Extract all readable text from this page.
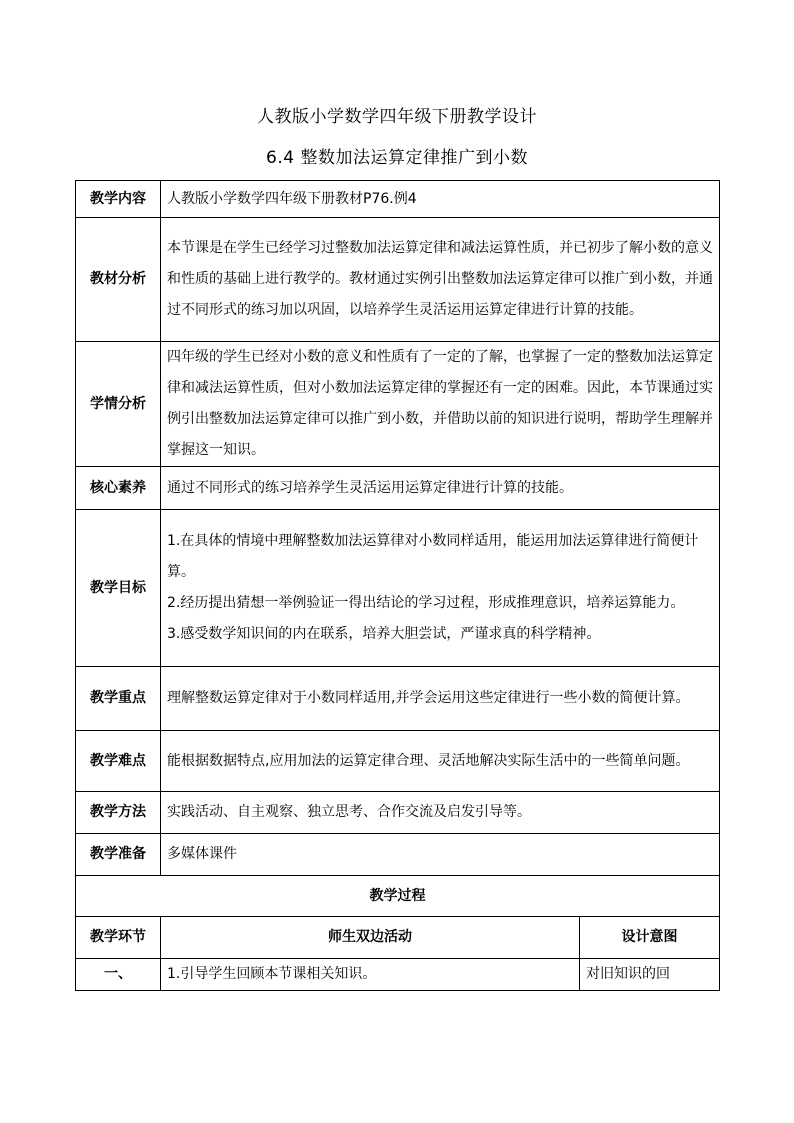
人教版小学数学四年级下册教学设计
6.4 整数加法运算定律推广到小数
教学内容	人教版小学数学四年级下册教材P76.例4	
教材分析	本节课是在学生已经学习过整数加法运算定律和减法运算性质，并已初步了解小数的意义和性质的基础上进行教学的。教材通过实例引出整数加法运算定律可以推广到小数，并通过不同形式的练习加以巩固，以培养学生灵活运用运算定律进行计算的技能。	
学情分析	四年级的学生已经对小数的意义和性质有了一定的了解，也掌握了一定的整数加法运算定律和减法运算性质，但对小数加法运算定律的掌握还有一定的困难。因此，本节课通过实例引出整数加法运算定律可以推广到小数，并借助以前的知识进行说明，帮助学生理解并掌握这一知识。	
核心素养	通过不同形式的练习培养学生灵活运用运算定律进行计算的技能。	
教学目标	1.在具体的情境中理解整数加法运算律对小数同样适用，能运用加法运算律进行简便计算。
2.经历提出猜想一举例验证一得出结论的学习过程，形成推理意识，培养运算能力。
3.感受数学知识间的内在联系，培养大胆尝试，严谨求真的科学精神。	

教学重点	理解整数运算定律对于小数同样适用,并学会运用这些定律进行一些小数的简便计算。	
教学难点	能根据数据特点,应用加法的运算定律合理、灵活地解决实际生活中的一些简单问题。	
教学方法	实践活动、自主观察、独立思考、合作交流及启发引导等。	
教学准备	多媒体课件	
教学过程		
教学环节	师生双边活动	设计意图
一、	1.引导学生回顾本节课相关知识。	对旧知识的回
